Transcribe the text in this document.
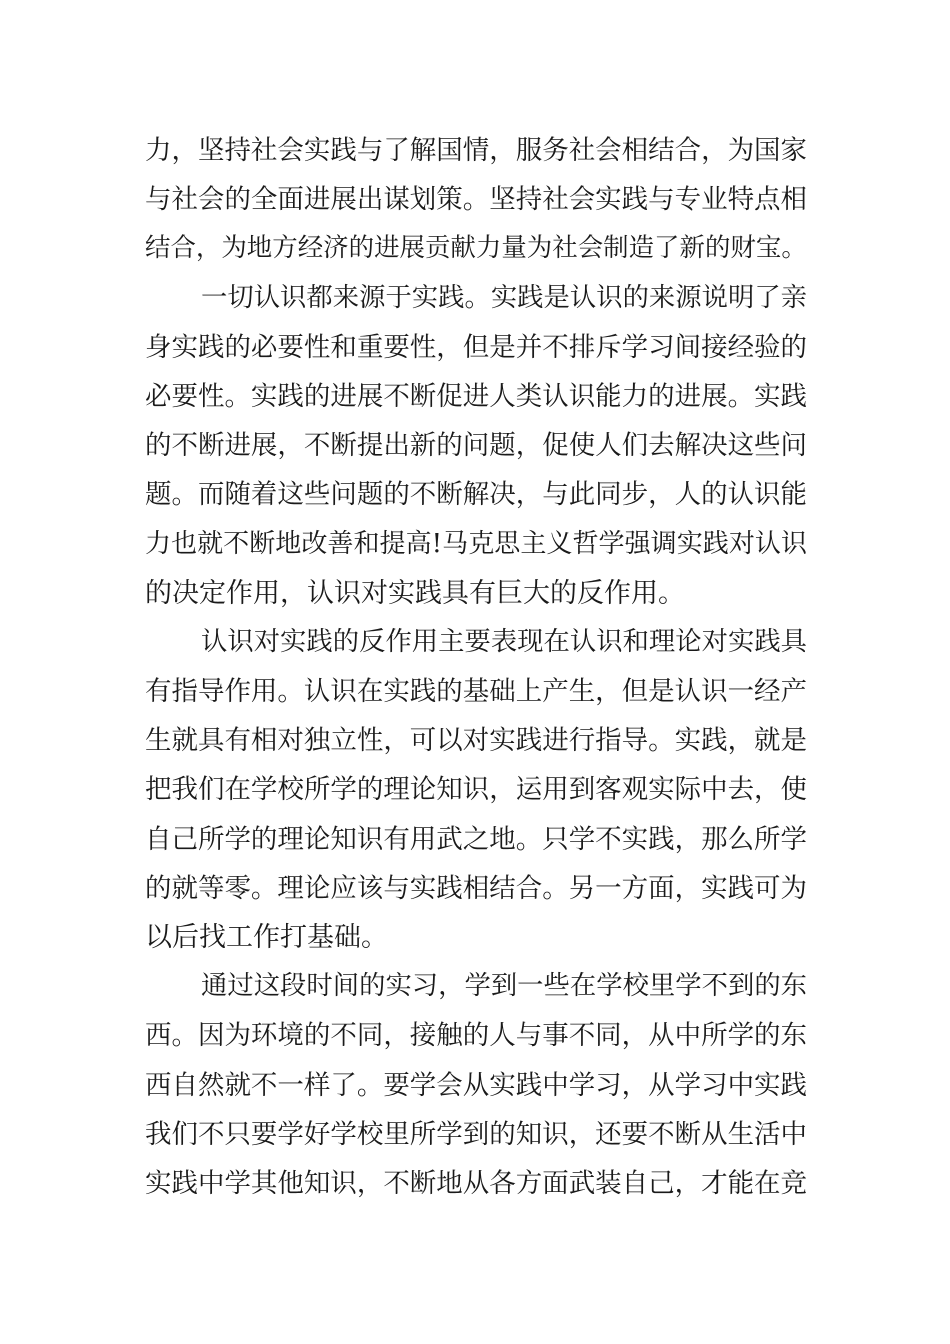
力，坚持社会实践与了解国情，服务社会相结合，为国家
与社会的全面进展出谋划策。坚持社会实践与专业特点相
结合，为地方经济的进展贡献力量为社会制造了新的财宝。
一切认识都来源于实践。实践是认识的来源说明了亲
身实践的必要性和重要性，但是并不排斥学习间接经验的
必要性。实践的进展不断促进人类认识能力的进展。实践
的不断进展，不断提出新的问题，促使人们去解决这些问
题。而随着这些问题的不断解决，与此同步，人的认识能
力也就不断地改善和提高!马克思主义哲学强调实践对认识
的决定作用，认识对实践具有巨大的反作用。
认识对实践的反作用主要表现在认识和理论对实践具
有指导作用。认识在实践的基础上产生，但是认识一经产
生就具有相对独立性，可以对实践进行指导。实践，就是
把我们在学校所学的理论知识，运用到客观实际中去，使
自己所学的理论知识有用武之地。只学不实践，那么所学
的就等零。理论应该与实践相结合。另一方面，实践可为
以后找工作打基础。
通过这段时间的实习，学到一些在学校里学不到的东
西。因为环境的不同，接触的人与事不同，从中所学的东
西自然就不一样了。要学会从实践中学习，从学习中实践
我们不只要学好学校里所学到的知识，还要不断从生活中
实践中学其他知识，不断地从各方面武装自己，才能在竞
